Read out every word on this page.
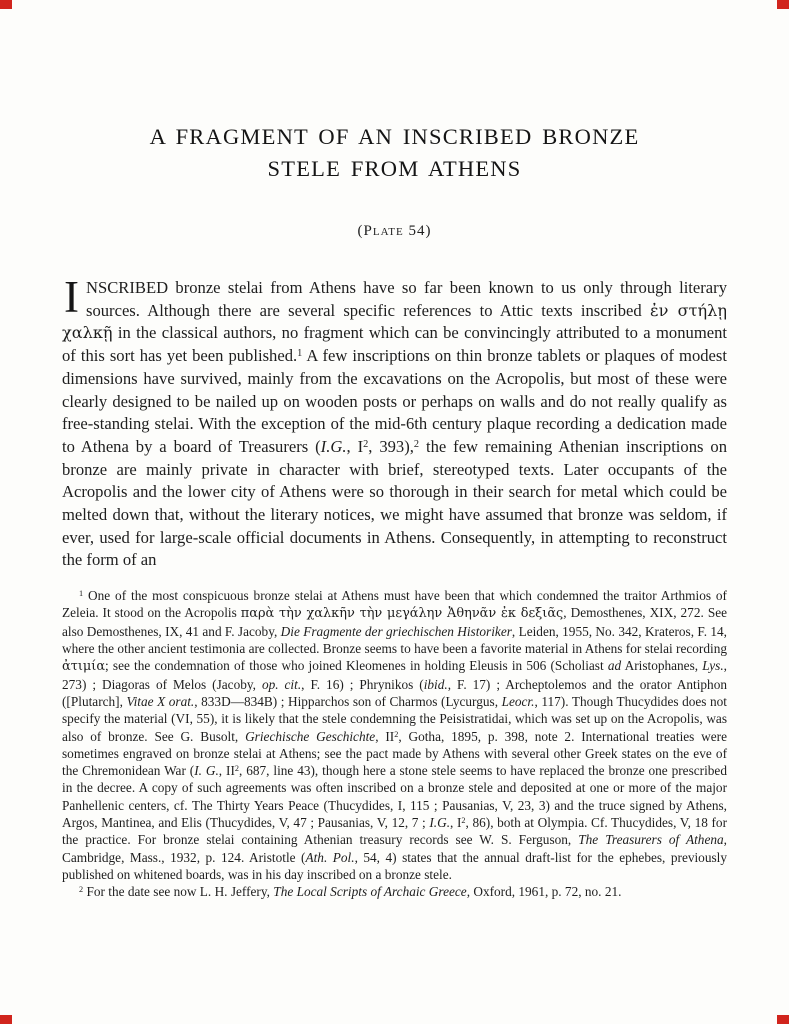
A FRAGMENT OF AN INSCRIBED BRONZE
STELE FROM ATHENS
(Plate 54)

INSCRIBED bronze stelai from Athens have so far been known to us only through literary sources. Although there are several specific references to Attic texts inscribed ἐν στήλῃ χαλκῇ in the classical authors, no fragment which can be convincingly attributed to a monument of this sort has yet been published.$^1$ A few inscriptions on thin bronze tablets or plaques of modest dimensions have survived, mainly from the excavations on the Acropolis, but most of these were clearly designed to be nailed up on wooden posts or perhaps on walls and do not really qualify as free-standing stelai. With the exception of the mid-6th century plaque recording a dedication made to Athena by a board of Treasurers (I.G., $I^2$, 393),$^2$ the few remaining Athenian inscriptions on bronze are mainly private in character with brief, stereotyped texts. Later occupants of the Acropolis and the lower city of Athens were so thorough in their search for metal which could be melted down that, without the literary notices, we might have assumed that bronze was seldom, if ever, used for large-scale official documents in Athens. Consequently, in attempting to reconstruct the form of an

$^1$ One of the most conspicuous bronze stelai at Athens must have been that which condemned the traitor Arthmios of Zeleia. It stood on the Acropolis παρὰ τὴν χαλκῆν τὴν μεγάλην Ἀθηνᾶν ἐκ δεξιᾶς, Demosthenes, XIX, 272. See also Demosthenes, IX, 41 and F. Jacoby, Die Fragmente der griechischen Historiker, Leiden, 1955, No. 342, Krateros, F. 14, where the other ancient testimonia are collected. Bronze seems to have been a favorite material in Athens for stelai recording ἀτιμία; see the condemnation of those who joined Kleomenes in holding Eleusis in 506 (Scholiast ad Aristophanes, Lys., 273) ; Diagoras of Melos (Jacoby, op. cit., F. 16) ; Phrynikos (ibid., F. 17) ; Archeptolemos and the orator Antiphon ([Plutarch], Vitae X orat., 833D—834B) ; Hipparchos son of Charmos (Lycurgus, Leocr., 117). Though Thucydides does not specify the material (VI, 55), it is likely that the stele condemning the Peisistratidai, which was set up on the Acropolis, was also of bronze. See G. Busolt, Griechische Geschichte, $II^2$, Gotha, 1895, p. 398, note 2. International treaties were sometimes engraved on bronze stelai at Athens; see the pact made by Athens with several other Greek states on the eve of the Chremonidean War (I. G., $II^2$, 687, line 43), though here a stone stele seems to have replaced the bronze one prescribed in the decree. A copy of such agreements was often inscribed on a bronze stele and deposited at one or more of the major Panhellenic centers, cf. The Thirty Years Peace (Thucydides, I, 115 ; Pausanias, V, 23, 3) and the truce signed by Athens, Argos, Mantinea, and Elis (Thucydides, V, 47 ; Pausanias, V, 12, 7 ; I.G., $I^2$, 86), both at Olympia. Cf. Thucydides, V, 18 for the practice. For bronze stelai containing Athenian treasury records see W. S. Ferguson, The Treasurers of Athena, Cambridge, Mass., 1932, p. 124. Aristotle (Ath. Pol., 54, 4) states that the annual draft-list for the ephebes, previously published on whitened boards, was in his day inscribed on a bronze stele.

$^2$ For the date see now L. H. Jeffery, The Local Scripts of Archaic Greece, Oxford, 1961, p. 72, no. 21.
